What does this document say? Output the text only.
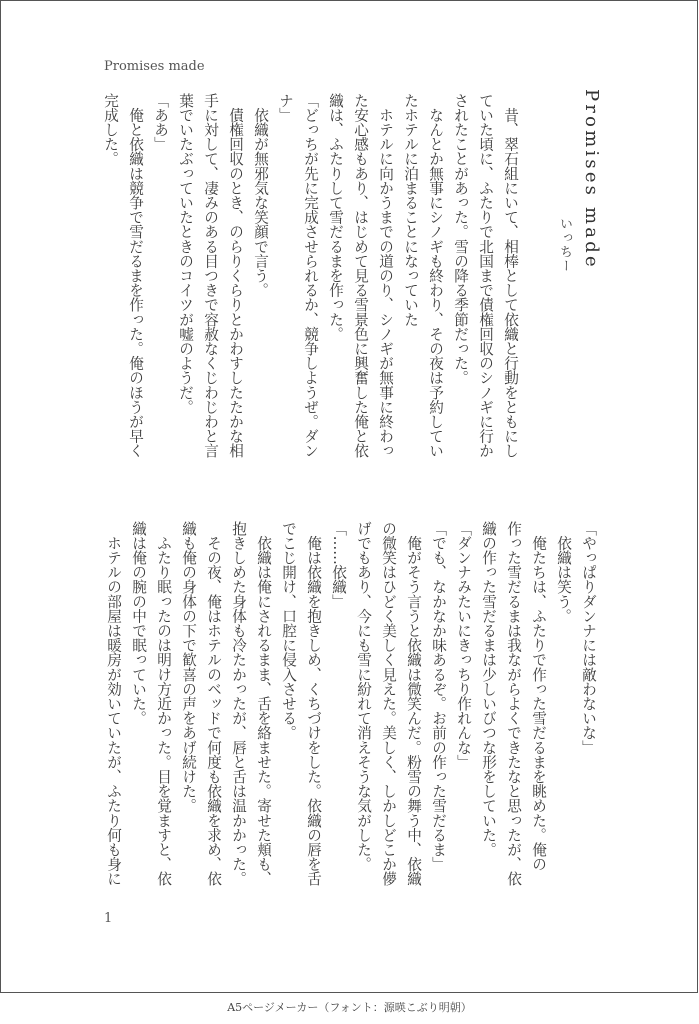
Promises made
Promises made
いっちー
　昔、翠石組にいて、相棒として依織と行動をともにし
ていた頃に、ふたりで北国まで債権回収のシノギに行か
されたことがあった。雪の降る季節だった。
　なんとか無事にシノギも終わり、その夜は予約してい
たホテルに泊まることになっていた
　ホテルに向かうまでの道のり、シノギが無事に終わっ
た安心感もあり、はじめて見る雪景色に興奮した俺と依
織は、ふたりして雪だるまを作った。
「どっちが先に完成させられるか、競争しようぜ。ダン
ナ」
　依織が無邪気な笑顔で言う。
　債権回収のとき、のらりくらりとかわすしたたかな相
手に対して、凄みのある目つきで容赦なくじわじわと言
葉でいたぶっていたときのコイツが嘘のようだ。
「ああ」
　俺と依織は競争で雪だるまを作った。俺のほうが早く
完成した。
「やっぱりダンナには敵わないな」
　依織は笑う。
　俺たちは、ふたりで作った雪だるまを眺めた。俺の
作った雪だるまは我ながらよくできたなと思ったが、依
織の作った雪だるまは少しいびつな形をしていた。
「ダンナみたいにきっちり作れんな」
「でも、なかなか味あるぞ。お前の作った雪だるま」
　俺がそう言うと依織は微笑んだ。粉雪の舞う中、依織
の微笑はひどく美しく見えた。美しく、しかしどこか儚
げでもあり、今にも雪に紛れて消えそうな気がした。
「……依織」
　俺は依織を抱きしめ、くちづけをした。依織の唇を舌
でこじ開け、口腔に侵入させる。
　依織は俺にされるまま、舌を絡ませた。寄せた頬も、
抱きしめた身体も冷たかったが、唇と舌は温かかった。
　その夜、俺はホテルのベッドで何度も依織を求め、依
織も俺の身体の下で歓喜の声をあげ続けた。
　ふたり眠ったのは明け方近かった。目を覚ますと、依
織は俺の腕の中で眠っていた。
　ホテルの部屋は暖房が効いていたが、ふたり何も身に
1
A5ページメーカー（フォント：源暎こぶり明朝）
